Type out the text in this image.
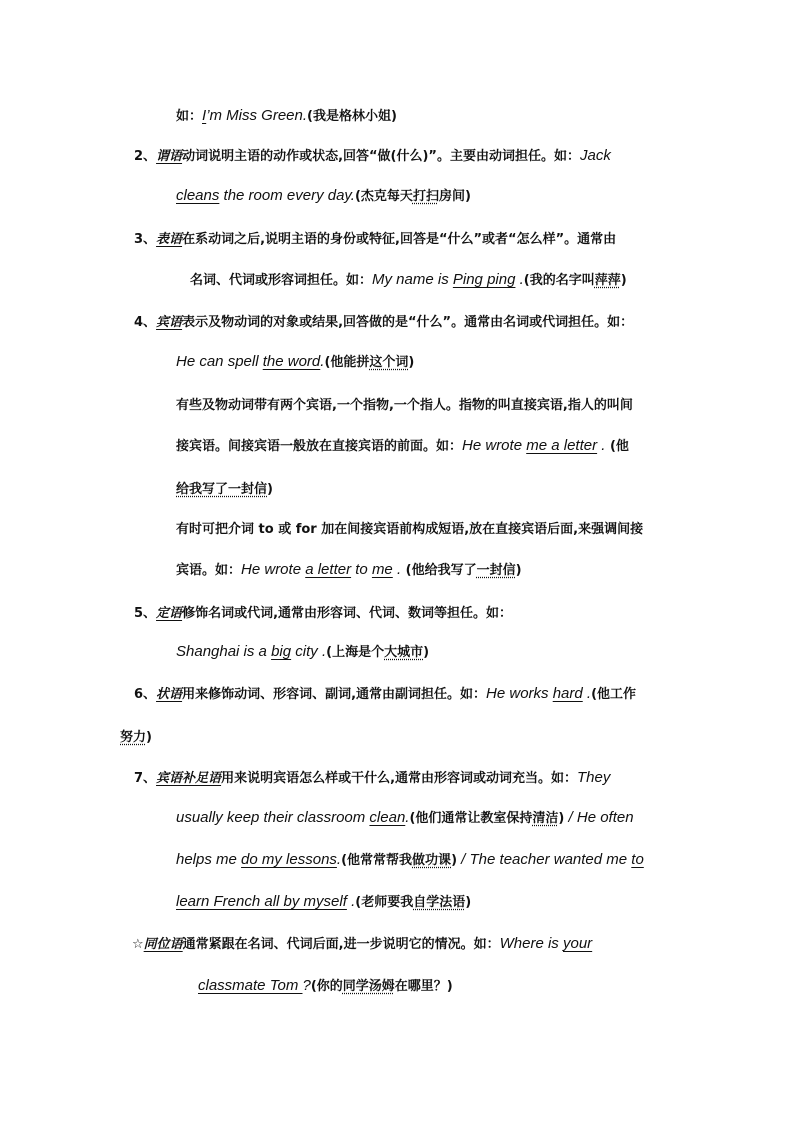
如：I’m Miss Green.(我是格林小姐)
2、谓语动词说明主语的动作或状态,回答“做(什么)”。主要由动词担任。如：Jack
cleans the room every day.(杰克每天打扫房间)
3、表语在系动词之后,说明主语的身份或特征,回答是“什么”或者“怎么样”。通常由
名词、代词或形容词担任。如：My name is Ping ping .(我的名字叫萍萍)
4、宾语表示及物动词的对象或结果,回答做的是“什么”。通常由名词或代词担任。如：
He can spell the word.(他能拼这个词)
有些及物动词带有两个宾语,一个指物,一个指人。指物的叫直接宾语,指人的叫间
接宾语。间接宾语一般放在直接宾语的前面。如：He wrote me a letter . (他
给我写了一封信)
有时可把介词 to 或 for 加在间接宾语前构成短语,放在直接宾语后面,来强调间接
宾语。如：He wrote a letter to me . (他给我写了一封信)
5、定语修饰名词或代词,通常由形容词、代词、数词等担任。如：
Shanghai is a big city .(上海是个大城市)
6、状语用来修饰动词、形容词、副词,通常由副词担任。如：He works hard .(他工作
努力)
7、宾语补足语用来说明宾语怎么样或干什么,通常由形容词或动词充当。如：They
usually keep their classroom clean.(他们通常让教室保持清洁) / He often
helps me do my lessons.(他常常帮我做功课) / The teacher wanted me to
learn French all by myself .(老师要我自学法语)
☆同位语通常紧跟在名词、代词后面,进一步说明它的情况。如：Where is your
classmate Tom ?(你的同学汤姆在哪里？)
